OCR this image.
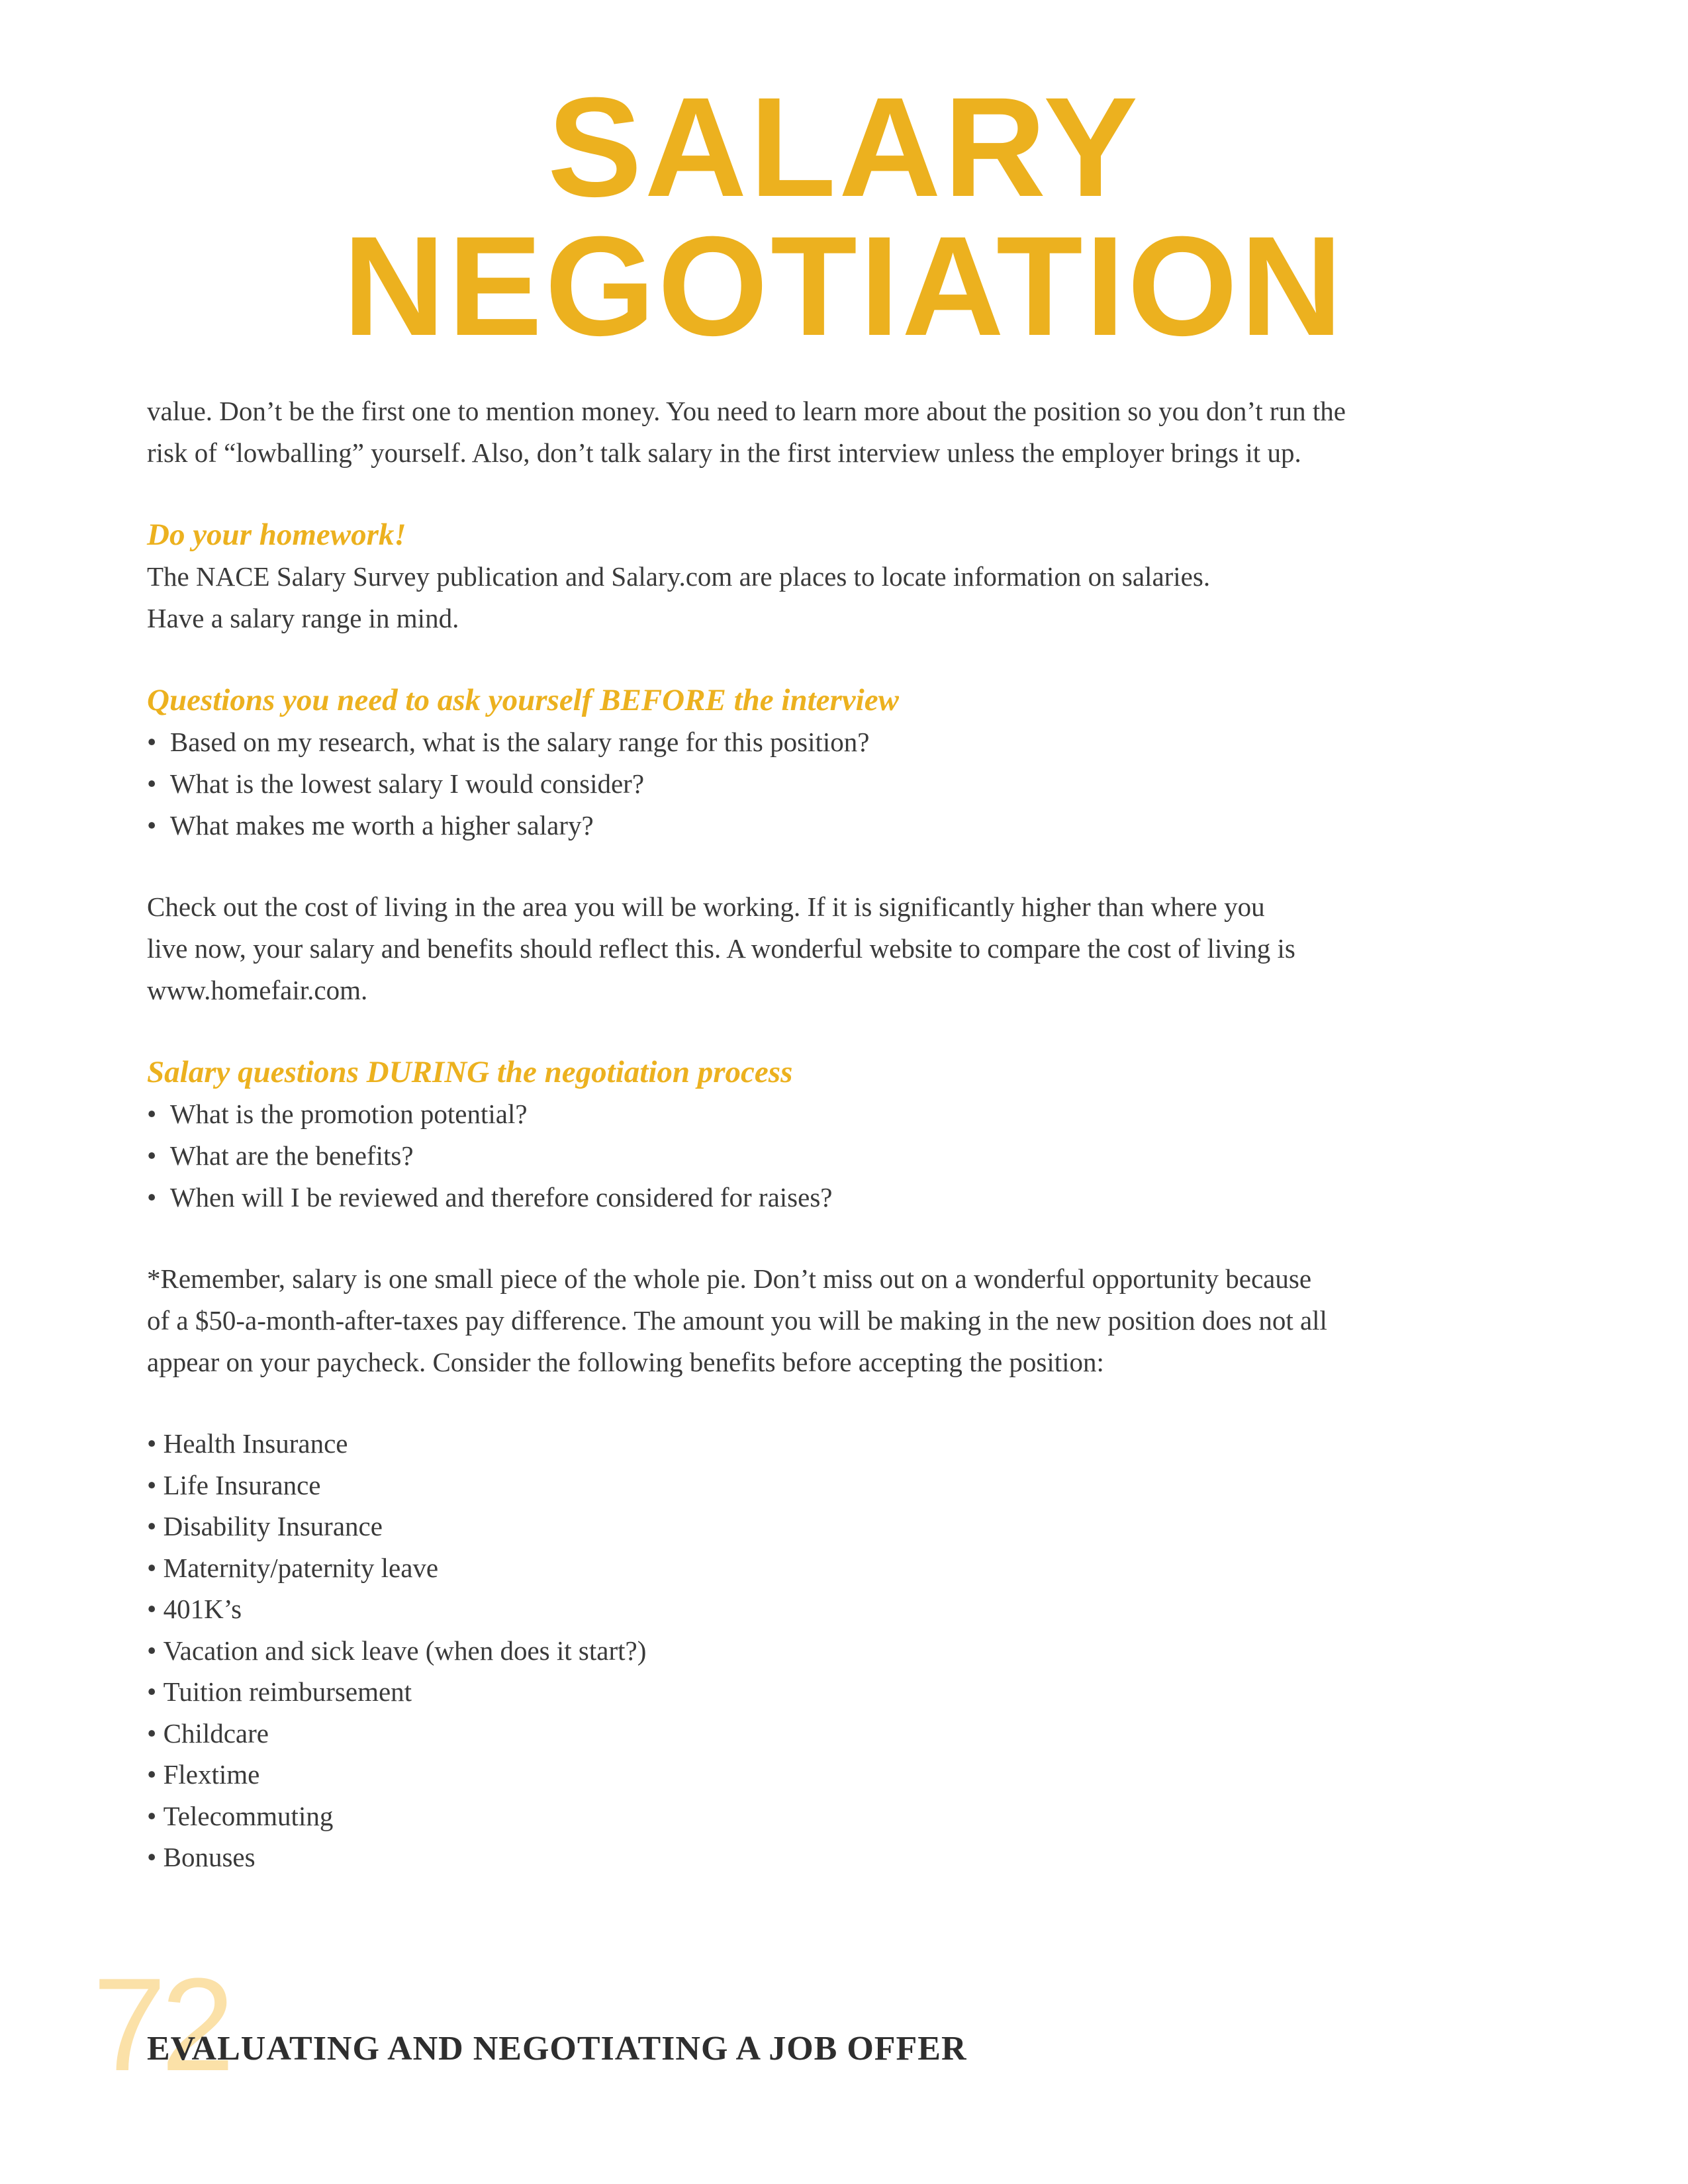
SALARY
NEGOTIATION

value. Don’t be the first one to mention money. You need to learn more about the position so you don’t run the

risk of “lowballing” yourself. Also, don’t talk salary in the first interview unless the employer brings it up.

Do your homework!

The NACE Salary Survey publication and Salary.com are places to locate information on salaries.

Have a salary range in mind.

Questions you need to ask yourself BEFORE the interview
•  Based on my research, what is the salary range for this position?
•  What is the lowest salary I would consider?
•  What makes me worth a higher salary?

Check out the cost of living in the area you will be working. If it is significantly higher than where you

live now, your salary and benefits should reflect this. A wonderful website to compare the cost of living is

www.homefair.com.

Salary questions DURING the negotiation process
•  What is the promotion potential?
•  What are the benefits?
•  When will I be reviewed and therefore considered for raises?

*Remember, salary is one small piece of the whole pie. Don’t miss out on a wonderful opportunity because

of a $50-a-month-after-taxes pay difference. The amount you will be making in the new position does not all

appear on your paycheck. Consider the following benefits before accepting the position:

• Health Insurance
• Life Insurance
• Disability Insurance
• Maternity/paternity leave
• 401K’s
• Vacation and sick leave (when does it start?)
• Tuition reimbursement
• Childcare
• Flextime
• Telecommuting
• Bonuses
72
EVALUATING AND NEGOTIATING A JOB OFFER
